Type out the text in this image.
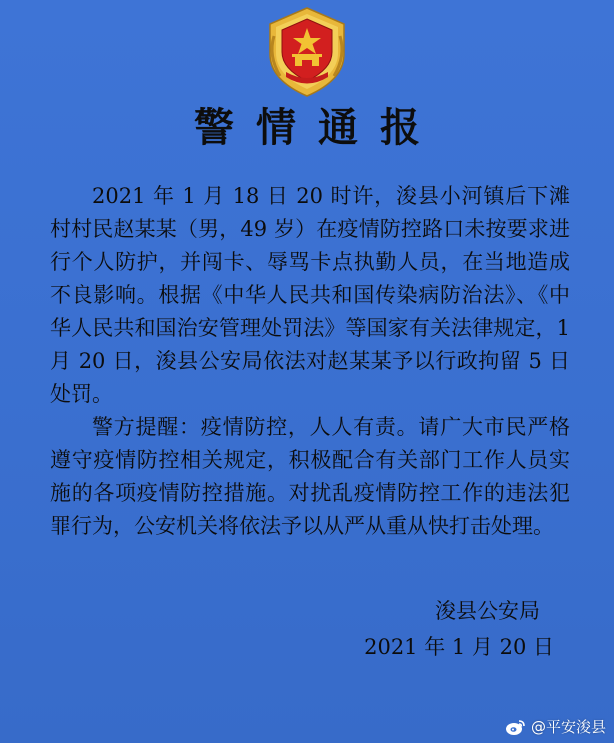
警情通报

2021 年 1 月 18 日 20 时许，浚县小河镇后下滩村村民赵某某（男，49 岁）在疫情防控路口未按要求进行个人防护，并闯卡、辱骂卡点执勤人员，在当地造成不良影响。根据《中华人民共和国传染病防治法》、《中华人民共和国治安管理处罚法》等国家有关法律规定，1 月 20 日，浚县公安局依法对赵某某予以行政拘留 5 日处罚。

警方提醒：疫情防控，人人有责。请广大市民严格遵守疫情防控相关规定，积极配合有关部门工作人员实施的各项疫情防控措施。对扰乱疫情防控工作的违法犯罪行为，公安机关将依法予以从严从重从快打击处理。

浚县公安局
2021 年 1 月 20 日
@平安浚县
